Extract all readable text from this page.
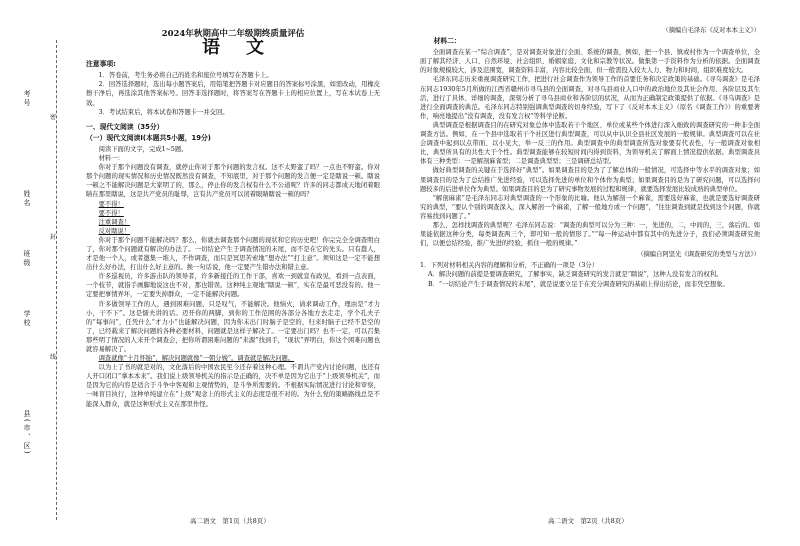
考号
姓名
班级
学校
县(市、区)
密
封
线
2024年秋期高中二年级期终质量评估
语文
注意事项:

1．答卷前，考生务必将自己的姓名和座位号填写在答题卡上。

2．回答选择题时，选出每小题答案后，用铅笔把答题卡对应题目的答案标号涂黑，如需改动，用橡皮擦干净后，再选涂其他答案标号。回答非选择题时，将答案写在答题卡上的相应位置上，写在本试卷上无效。

3．考试结束后，将本试卷和答题卡一并交回。

一、现代文阅读（35分）
（一）现代文阅读Ⅰ(本题共5小题，19分)

阅读下面的文字，完成1~5题。

材料一：

你对于那个问题没有调查，就停止你对于那个问题的发言权。这不太野蛮了吗？一点也不野蛮。你对那个问题的现实情况和历史情况既然没有调查，不知底里，对于那个问题的发言便一定是瞎说一顿。瞎说一顿之不能解决问题是大家明了的，那么，停止你的发言权有什么不公道呢？许多的同志都成天地闭着眼睛在那里瞎说，这是共产党员的耻辱，岂有共产党员可以闭着眼睛瞎说一顿的吗？

要不得！

要不得！

注重调查！

反对瞎说！

你对于那个问题不能解决吗？那么，你就去调查那个问题的现状和它的历史吧！你完完全全调查明白了，你对那个问题就有解决的办法了。一切结论产生于调查情况的末尾，而不是在它的先头。只有蠢人，才是他一个人，或者邀集一堆人，不作调查，而只是冥思苦索地“想办法”“打主意”。须知这是一定不能想出什么好办法，打出什么好主意的。换一句话说，他一定要产生错办法和错主意。

许多巡视员，许多游击队的领导者，许多新接任的工作干部，喜欢一到就宣布政见，看到一点表面，一个枝节，就指手画脚地说这也不对，那也错误。这种纯主观地“瞎说一顿”，实在是最可恶没有的。他一定要把事情弄坏，一定要失掉群众，一定不能解决问题。

许多做领导工作的人，遇到困难问题，只是叹气，不能解决。他恼火，请求调动工作，理由是“才力小，干不下”。这是懦夫讲的话。迈开你的两脚，到你的工作范围的各部分各地方去走走，学个孔夫子的“每事问”，任凭什么“才力小”也能解决问题，因为你未出门时脑子是空的，归来时脑子已经不是空的了，已经载来了解决问题的各种必要材料，问题就是这样子解决了。一定要出门吗？也不一定，可以召集那些明了情况的人来开个调查会，把你所谓困难问题的“来源”找到手，“现状”弄明白，你这个困难问题也就容易解决了。

调查就像“十月怀胎”，解决问题就像“一朝分娩”。调查就是解决问题。

以为上了书的就是对的，文化落后的中国农民至今还存着这种心理。不谓共产党内讨论问题，也还有人开口闭口“拿本本来”。我们说上级领导机关的指示是正确的，决不单是因为它出于“上级领导机关”，而是因为它的内容是适合于斗争中客观和主观情势的，是斗争所需要的。不根据实际情况进行讨论和审察，一味盲目执行，这种单纯建立在“上级”观念上的形式主义的态度是很不对的。为什么党的策略路线总是不能深入群众，就是这种形式主义在那里作怪。

（摘编自毛泽东《反对本本主义》）

材料二：

全面调查在某一“综合调查”，是对调查对象进行全面、系统的调查，例如，把一个县、镇或村作为一个调查单位，全面了解其经济、人口、自然环境、社会组织、婚姻家庭、文化和宗教等状况。做集第一手资料作为分析的依据。全面调查的对象规模较大，涉及范围宽，调查资料丰富，内容比较全面，但一般需投入较大人力、物力和时间，组织难度较大。

毛泽东同志历来重视调查研究工作，把进行社会调查作为领导工作的首要任务和决定政策的基础。《寻乌调查》是毛泽东同志1930年5月所做的江西省赣州市寻乌县的全面调查，对寻乌县商业人口中的政治地位及其社会作用、各阶层及其生活，进行了具体、详细的调查，深刻分析了寻乌县商业和各阶层的状况，从而为正确制定政策提供了依据。《寻乌调查》是进行全面调查的典范。毛泽东同志特别强调典型调查的切身经验，写下了《反对本本主义》（原名《调查工作》）的重要著作，响亮地提出“没有调查，没有发言权”等科学论断。

典型调查是根据调查目的在研究对象总体中选取若干个地区、单位或某些个体进行深入细致的调查研究的一种非全面调查方法。例如，在一个县中选取若干个社区进行典型调查，可以从中认识全县社区发展的一般规律。典型调查可以在社会调查中起到以点带面、以小见大，举一反三的作用。典型调查中的典型调查所选对象要有代表性，与一般调查对象相比，典型所具有的共性大于个性。典型调查能够在较短时间内得到资料，为领导机关了解面上情况提供依据。典型调查具体有三种类型：一是解剖麻雀型；二是调查典型型；三是调研总结型。

做好典型调查的关键在于选择好“典型”。如果调查目的是为了了解总体的一般情况，可选择中等水平的调查对象；如果调查目的是为了总结推广先进经验，可以选择先进的单位和个体作为典型；如果调查目的是为了研究问题，可以选择问题较多的后进单位作为典型。如果调查目的是为了研究事物发展的过程和规律，就要选择发展比较成熟的典型单位。

“解剖麻雀”是毛泽东同志对典型调查的一个形象的比喻。他认为解剖一个麻雀，需要选好麻雀，也就是要选好调查研究的典型，“要认个别的调查深入，深入解剖一个麻雀，了解一般地方或一个问题”，“往往调查到就是找到这个问题，你就容易找到问题了。”

那么，怎样找调查的典型呢？毛泽东同志说：“调查的典型可以分为三种：一，先进的，二，中间的，三，落后的。如果能依据这种分类，每类调查两三个，即可知一般的情形了。”“每一种运动中都有其中的先进分子，我们必须调查研究他们，以便总结经验，推广先进的经验，抓住一般的规律。”

（摘编自阿坚光《调查研究的类型与方法》）

1．下列对材料相关内容的理解和分析，不正确的一项是（3分）

A．解决问题的前提是要调查研究，了解事实，缺乏调查研究的发言就是“瞎说”，这种人没有发言的权利。

B．“一切结论产生于调查情况的末尾”，就是说要立足于在充分调查研究的基础上得出结论，而非凭空想象。

高二语文　第1页（共8页）	高二语文　第2页（共8页）
